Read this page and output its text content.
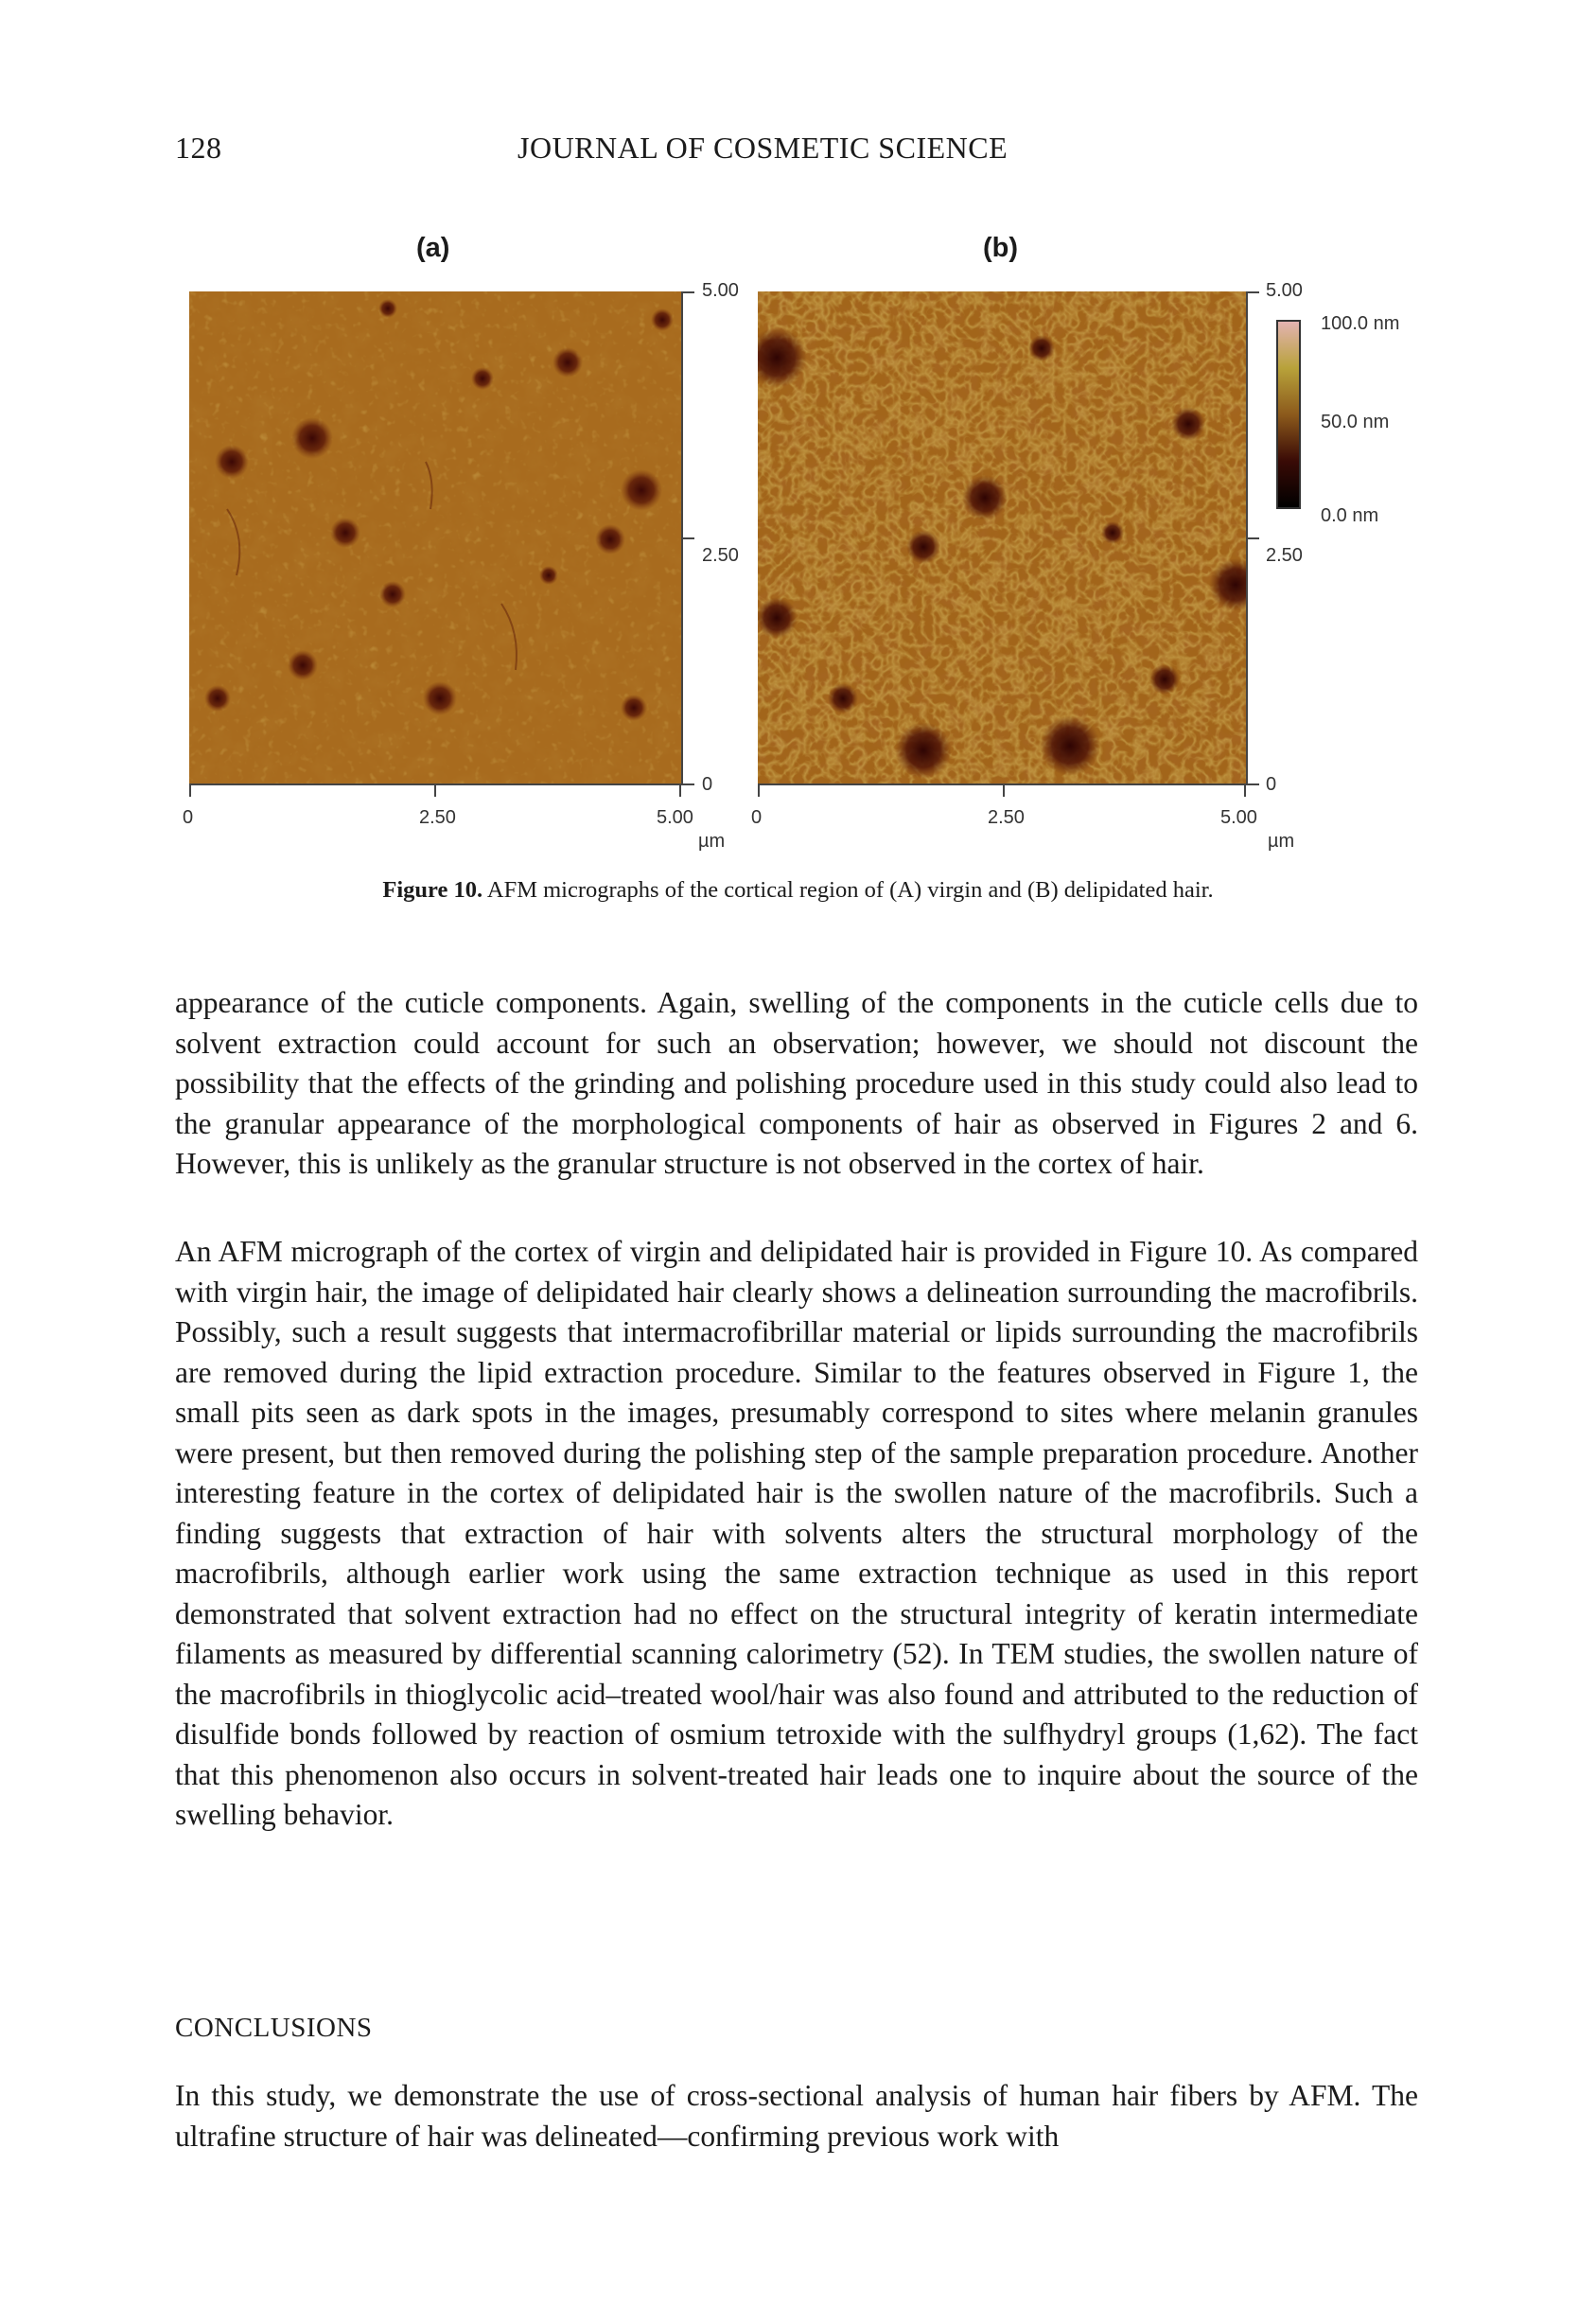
128	JOURNAL OF COSMETIC SCIENCE
(a)	(b)
0	2.50	5.00
µm
5.00
2.50
0
0	2.50	5.00
µm
5.00
2.50
0
100.0 nm
50.0 nm
0.0 nm
Figure 10. AFM micrographs of the cortical region of (A) virgin and (B) delipidated hair.

appearance of the cuticle components. Again, swelling of the components in the cuticle cells due to solvent extraction could account for such an observation; however, we should not discount the possibility that the effects of the grinding and polishing procedure used in this study could also lead to the granular appearance of the morphological components of hair as observed in Figures 2 and 6. However, this is unlikely as the granular structure is not observed in the cortex of hair.

An AFM micrograph of the cortex of virgin and delipidated hair is provided in Figure 10. As compared with virgin hair, the image of delipidated hair clearly shows a delineation surrounding the macrofibrils. Possibly, such a result suggests that intermacrofibrillar material or lipids surrounding the macrofibrils are removed during the lipid extraction procedure. Similar to the features observed in Figure 1, the small pits seen as dark spots in the images, presumably correspond to sites where melanin granules were present, but then removed during the polishing step of the sample preparation procedure. Another interesting feature in the cortex of delipidated hair is the swollen nature of the macrofibrils. Such a finding suggests that extraction of hair with solvents alters the structural morphology of the macrofibrils, although earlier work using the same extraction technique as used in this report demonstrated that solvent extraction had no effect on the structural integrity of keratin intermediate filaments as measured by differential scanning calorimetry (52). In TEM studies, the swollen nature of the macrofibrils in thioglycolic acid–treated wool/hair was also found and attributed to the reduction of disulfide bonds followed by reaction of osmium tetroxide with the sulfhydryl groups (1,62). The fact that this phenomenon also occurs in solvent-treated hair leads one to inquire about the source of the swelling behavior.

CONCLUSIONS

In this study, we demonstrate the use of cross-sectional analysis of human hair fibers by AFM. The ultrafine structure of hair was delineated—confirming previous work with
